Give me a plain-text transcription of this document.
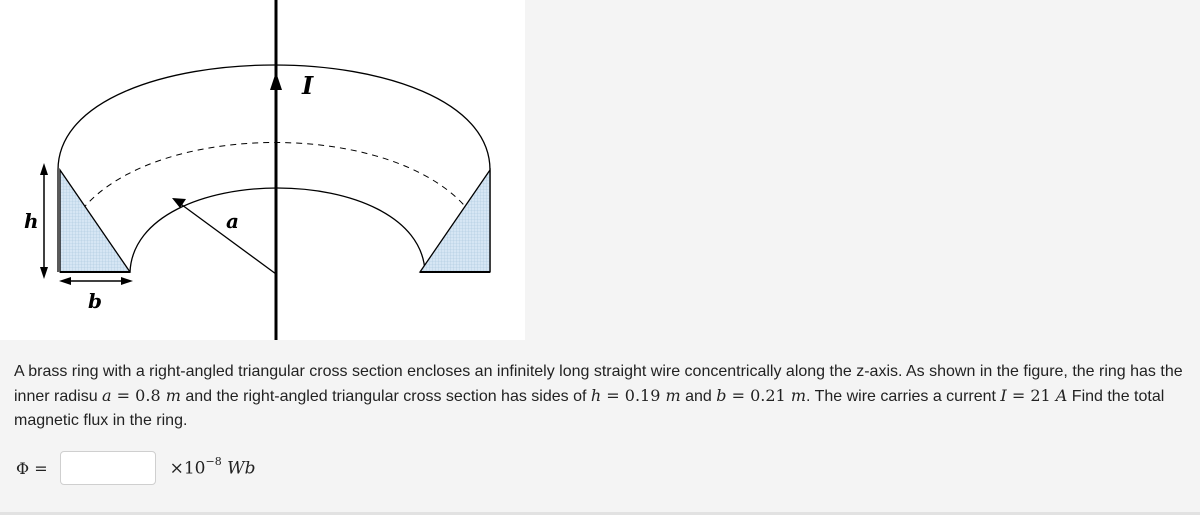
h	a
b
I
A brass ring with a right-angled triangular cross section encloses an infinitely long straight wire concentrically along the z-axis. As shown in the figure, the ring has the inner radisu a = 0.8 m and the right-angled triangular cross section has sides of h = 0.19 m and b = 0.21 m. The wire carries a current I = 21 A Find the total magnetic flux in the ring.
Φ =	$\times 10^{-8}$ Wb
